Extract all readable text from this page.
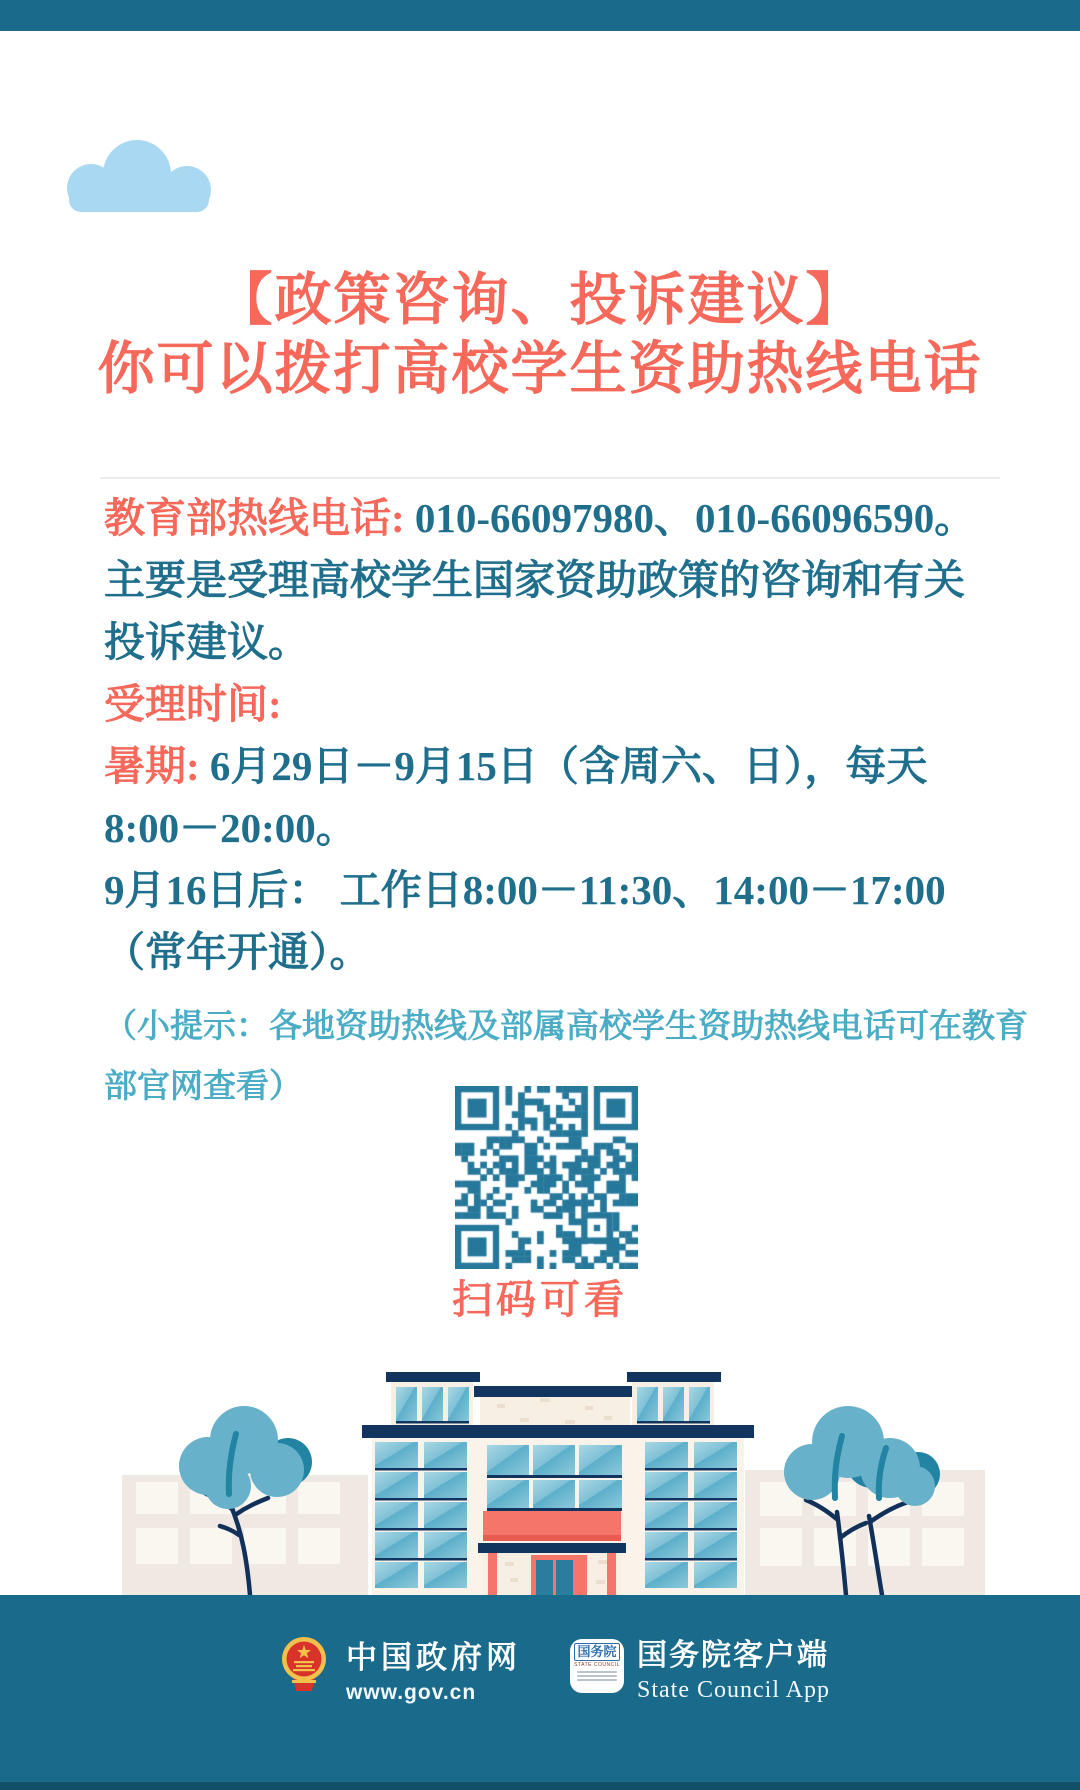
【政策咨询、投诉建议】
你可以拨打高校学生资助热线电话
教育部热线电话: 010-66097980、010-66096590。
主要是受理高校学生国家资助政策的咨询和有关
投诉建议。
受理时间:
暑期: 6月29日－9月15日（含周六、日），每天
8:00－20:00。
9月16日后： 工作日8:00－11:30、14:00－17:00
（常年开通）。
（小提示：各地资助热线及部属高校学生资助热线电话可在教育
部官网查看）
扫码可看
中国政府网
www.gov.cn
国务院
STATE COUNCIL 国务院客户端
State Council App
